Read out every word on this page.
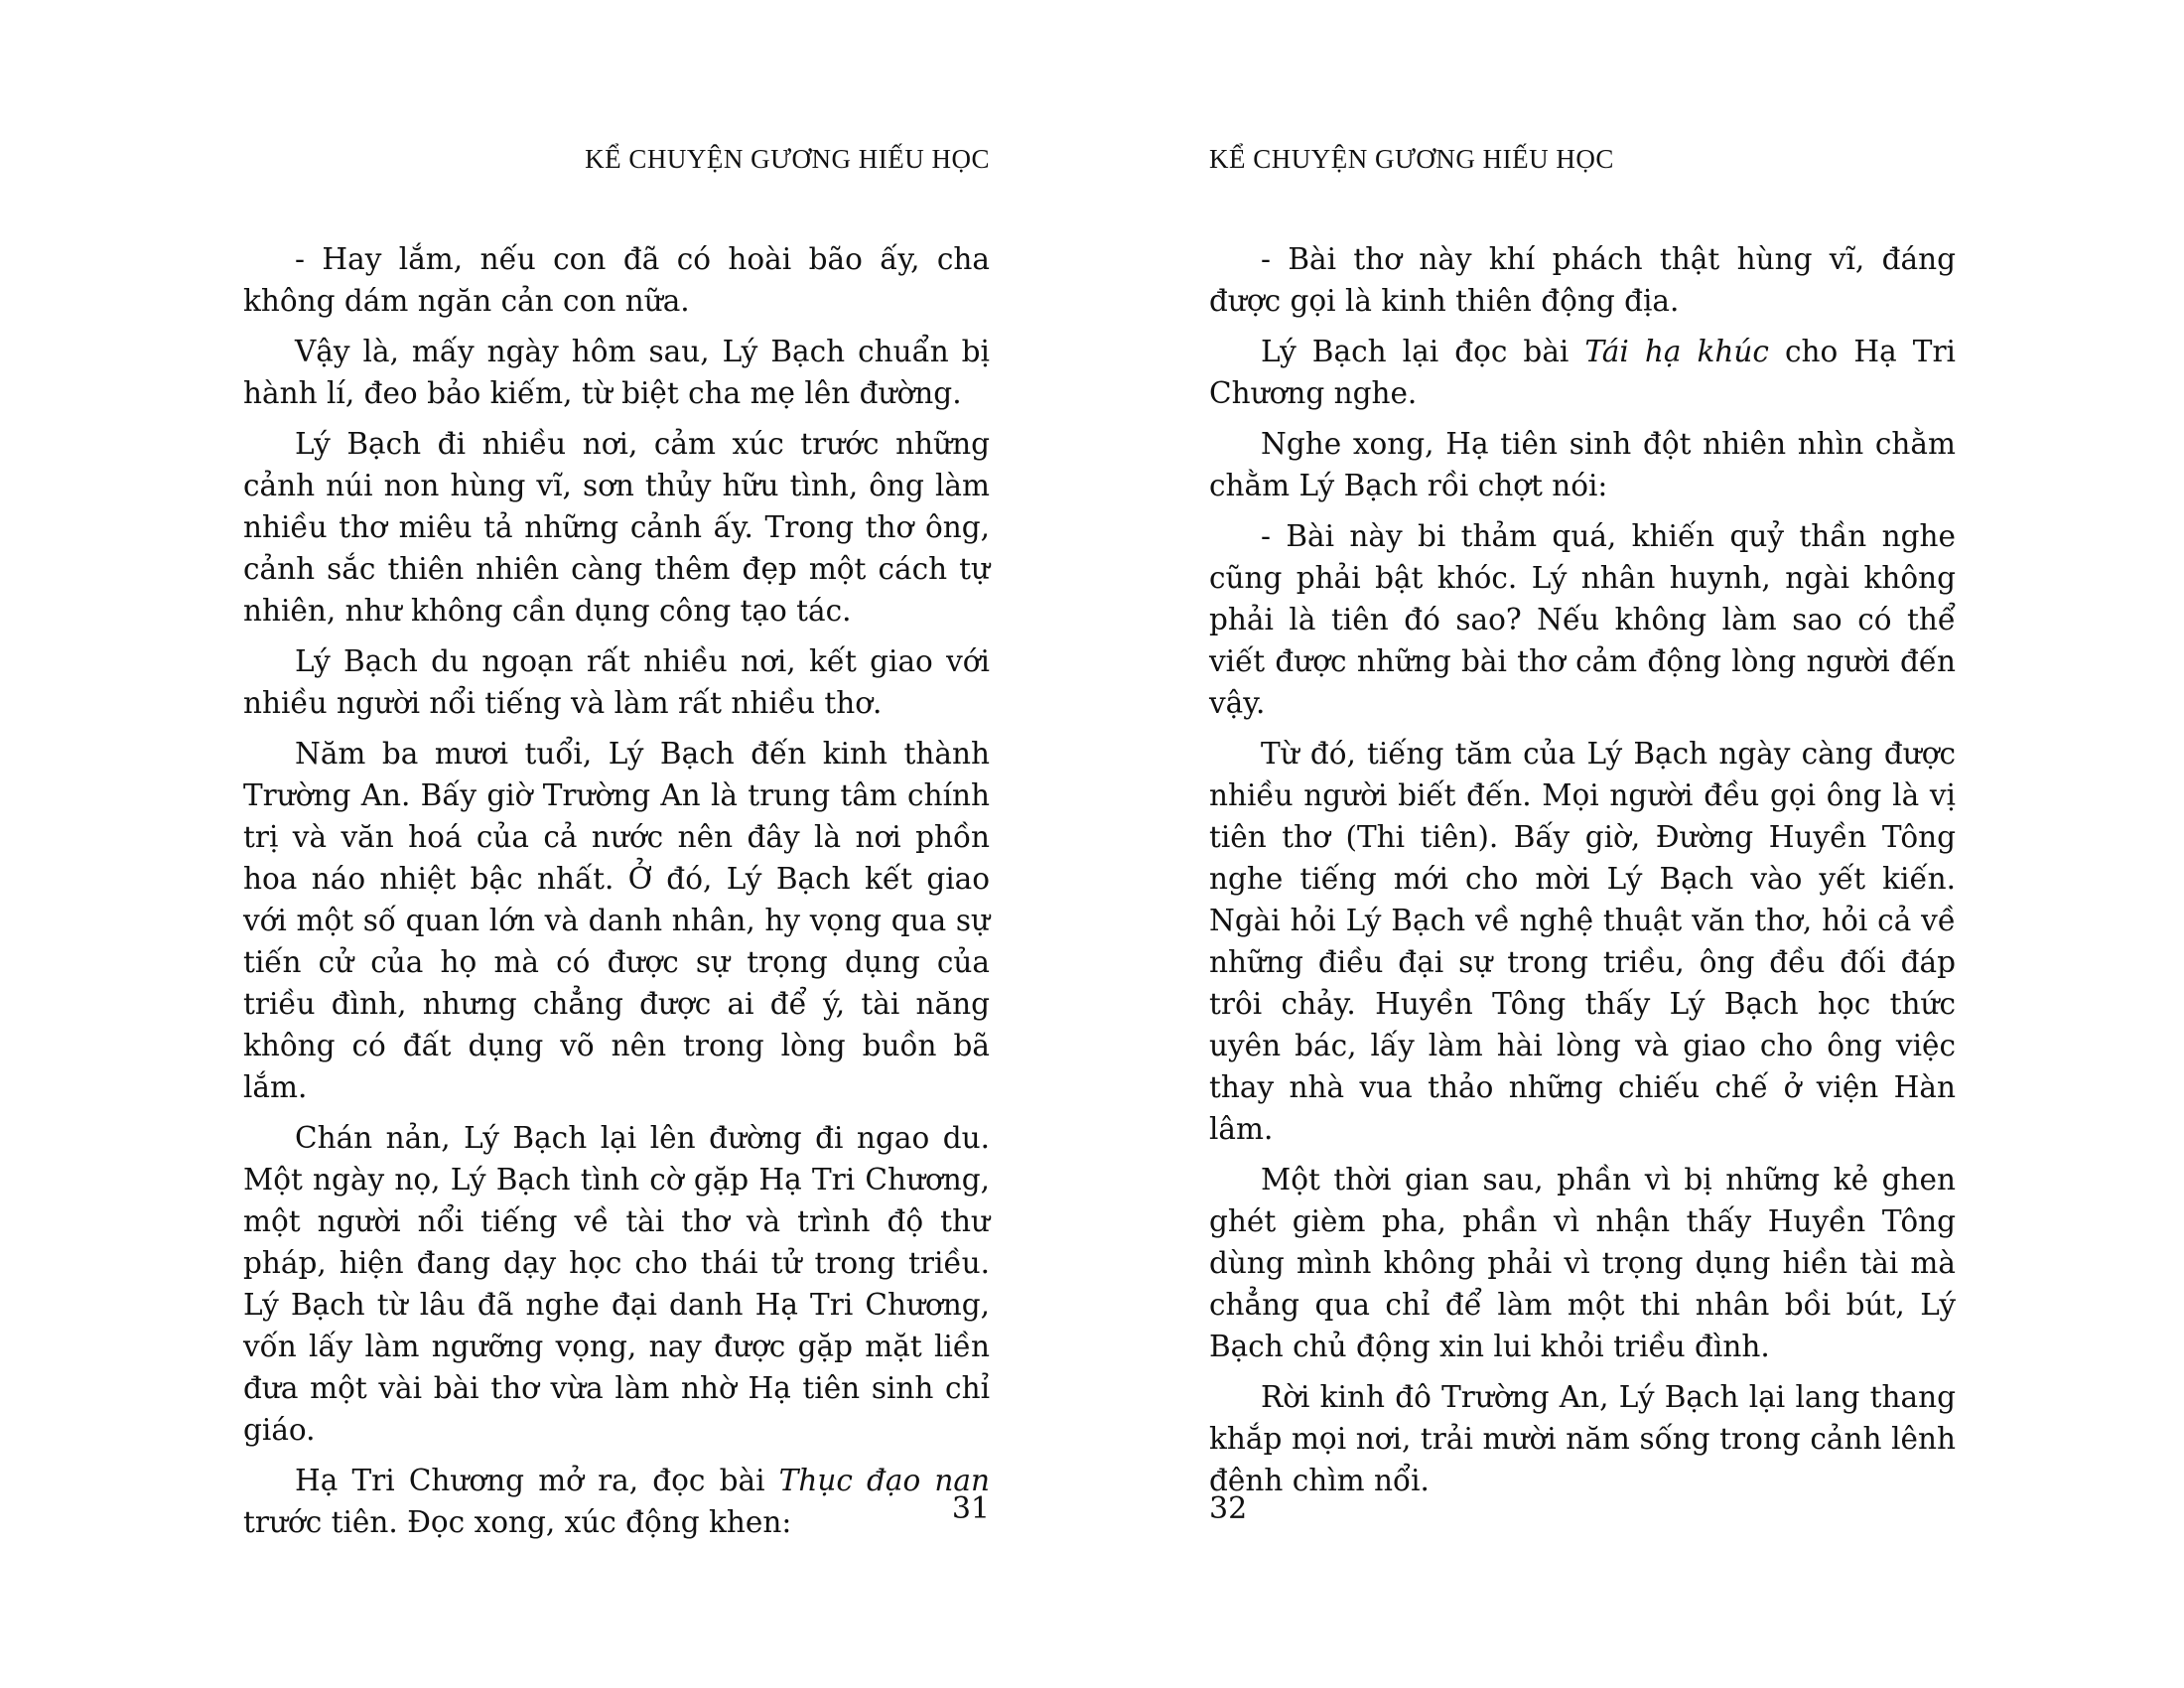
KỂ CHUYỆN GƯƠNG HIẾU HỌC

- Hay lắm, nếu con đã có hoài bão ấy, cha không dám ngăn cản con nữa.

Vậy là, mấy ngày hôm sau, Lý Bạch chuẩn bị hành lí, đeo bảo kiếm, từ biệt cha mẹ lên đường.

Lý Bạch đi nhiều nơi, cảm xúc trước những cảnh núi non hùng vĩ, sơn thủy hữu tình, ông làm nhiều thơ miêu tả những cảnh ấy. Trong thơ ông, cảnh sắc thiên nhiên càng thêm đẹp một cách tự nhiên, như không cần dụng công tạo tác.

Lý Bạch du ngoạn rất nhiều nơi, kết giao với nhiều người nổi tiếng và làm rất nhiều thơ.

Năm ba mươi tuổi, Lý Bạch đến kinh thành Trường An. Bấy giờ Trường An là trung tâm chính trị và văn hoá của cả nước nên đây là nơi phồn hoa náo nhiệt bậc nhất. Ở đó, Lý Bạch kết giao với một số quan lớn và danh nhân, hy vọng qua sự tiến cử của họ mà có được sự trọng dụng của triều đình, nhưng chẳng được ai để ý, tài năng không có đất dụng võ nên trong lòng buồn bã lắm.

Chán nản, Lý Bạch lại lên đường đi ngao du. Một ngày nọ, Lý Bạch tình cờ gặp Hạ Tri Chương, một người nổi tiếng về tài thơ và trình độ thư pháp, hiện đang dạy học cho thái tử trong triều. Lý Bạch từ lâu đã nghe đại danh Hạ Tri Chương, vốn lấy làm ngưỡng vọng, nay được gặp mặt liền đưa một vài bài thơ vừa làm nhờ Hạ tiên sinh chỉ giáo.

Hạ Tri Chương mở ra, đọc bài Thục đạo nan trước tiên. Đọc xong, xúc động khen:	31
KỂ CHUYỆN GƯƠNG HIẾU HỌC

- Bài thơ này khí phách thật hùng vĩ, đáng được gọi là kinh thiên động địa.

Lý Bạch lại đọc bài Tái hạ khúc cho Hạ Tri Chương nghe.

Nghe xong, Hạ tiên sinh đột nhiên nhìn chằm chằm Lý Bạch rồi chợt nói:

- Bài này bi thảm quá, khiến quỷ thần nghe cũng phải bật khóc. Lý nhân huynh, ngài không phải là tiên đó sao? Nếu không làm sao có thể viết được những bài thơ cảm động lòng người đến vậy.

Từ đó, tiếng tăm của Lý Bạch ngày càng được nhiều người biết đến. Mọi người đều gọi ông là vị tiên thơ (Thi tiên). Bấy giờ, Đường Huyền Tông nghe tiếng mới cho mời Lý Bạch vào yết kiến. Ngài hỏi Lý Bạch về nghệ thuật văn thơ, hỏi cả về những điều đại sự trong triều, ông đều đối đáp trôi chảy. Huyền Tông thấy Lý Bạch học thức uyên bác, lấy làm hài lòng và giao cho ông việc thay nhà vua thảo những chiếu chế ở viện Hàn lâm.

Một thời gian sau, phần vì bị những kẻ ghen ghét gièm pha, phần vì nhận thấy Huyền Tông dùng mình không phải vì trọng dụng hiền tài mà chẳng qua chỉ để làm một thi nhân bồi bút, Lý Bạch chủ động xin lui khỏi triều đình.

Rời kinh đô Trường An, Lý Bạch lại lang thang khắp mọi nơi, trải mười năm sống trong cảnh lênh đênh chìm nổi.

32
